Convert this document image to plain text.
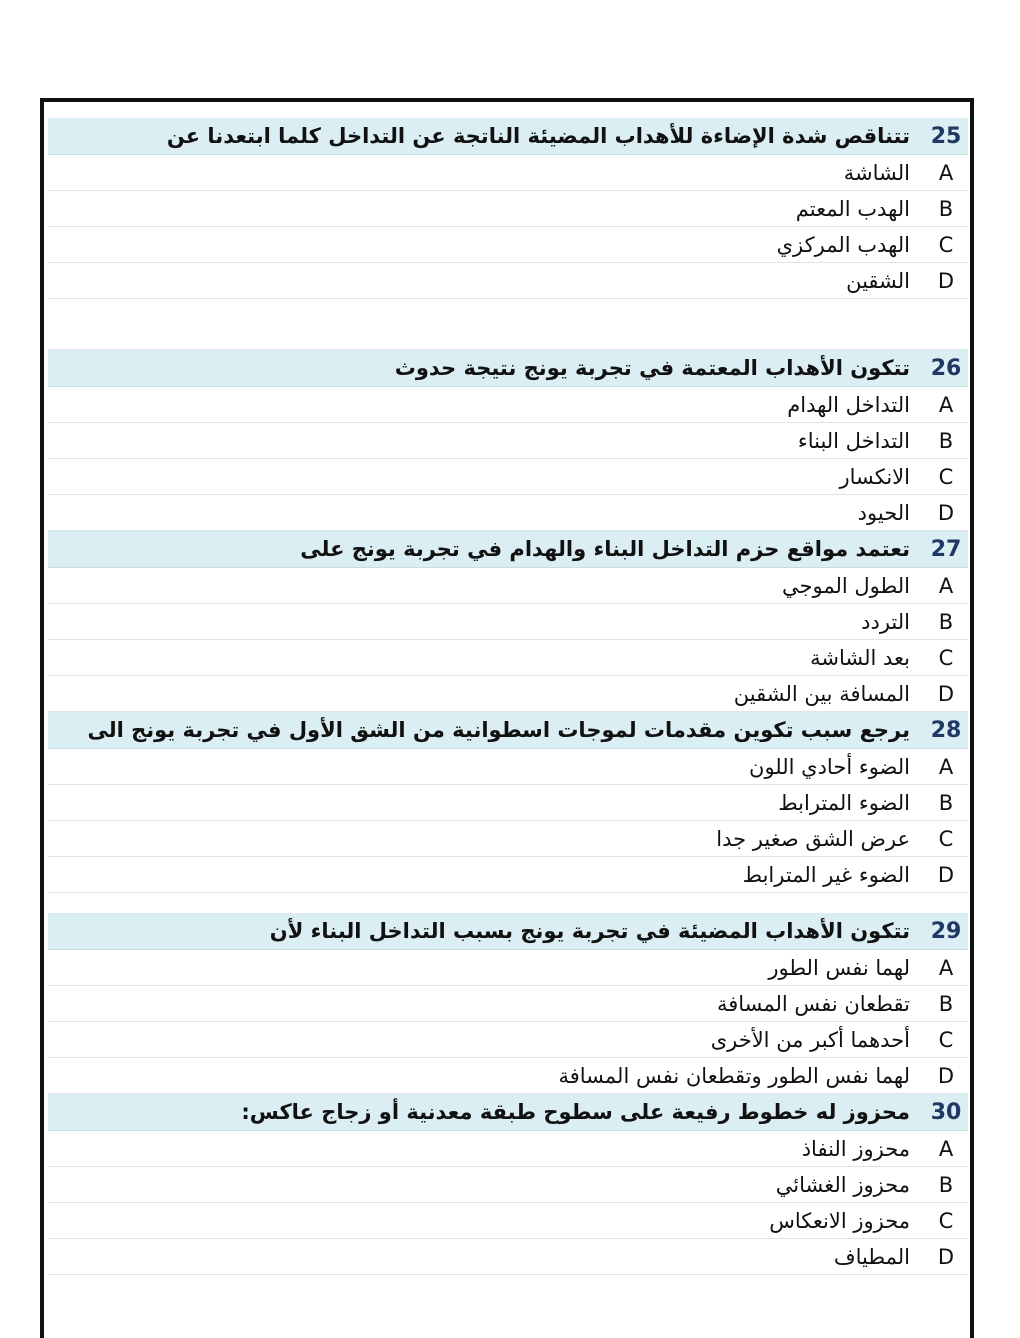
25
تتناقص شدة الإضاءة للأهداب المضيئة الناتجة عن التداخل كلما ابتعدنا عن
A
الشاشة
B
الهدب المعتم
C
الهدب المركزي
D
الشقين
26
تتكون الأهداب المعتمة في تجربة يونج نتيجة حدوث
A
التداخل الهدام
B
التداخل البناء
C
الانكسار
D
الحيود
27
تعتمد مواقع حزم التداخل البناء والهدام في تجربة يونج على
A
الطول الموجي
B
التردد
C
بعد الشاشة
D
المسافة بين الشقين
28
يرجع سبب تكوين مقدمات لموجات اسطوانية من الشق الأول في تجربة يونج الى
A
الضوء أحادي اللون
B
الضوء المترابط
C
عرض الشق صغير جدا
D
الضوء غير المترابط
29
تتكون الأهداب المضيئة في تجربة يونج بسبب التداخل البناء لأن
A
لهما نفس الطور
B
تقطعان نفس المسافة
C
أحدهما أكبر من الأخرى
D
لهما نفس الطور وتقطعان نفس المسافة
30
محزوز له خطوط رفيعة على سطوح طبقة معدنية أو زجاج عاكس:
A
محزوز النفاذ
B
محزوز الغشائي
C
محزوز الانعكاس
D
المطياف
